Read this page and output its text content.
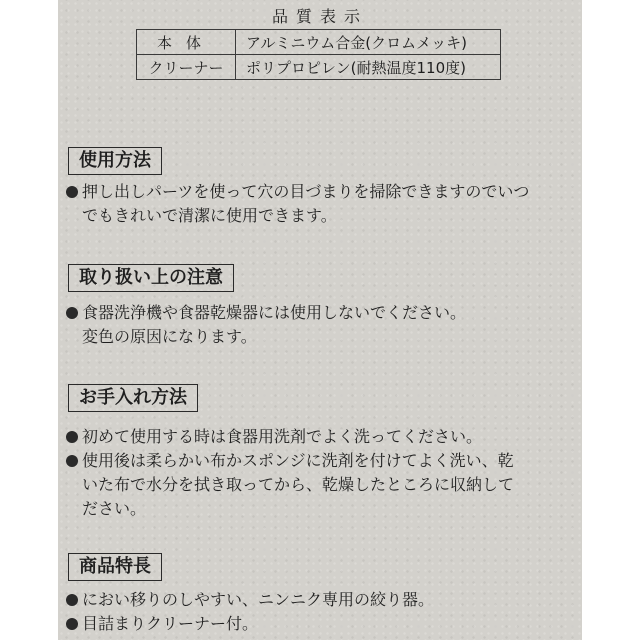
品質表示
本体	アルミニウム合金(クロムメッキ)
クリーナー	ポリプロピレン(耐熱温度110度)
使用方法
押し出しパーツを使って穴の目づまりを掃除できますのでいつ
でもきれいで清潔に使用できます。
取り扱い上の注意
食器洗浄機や食器乾燥器には使用しないでください。
変色の原因になります。
お手入れ方法
初めて使用する時は食器用洗剤でよく洗ってください。
使用後は柔らかい布かスポンジに洗剤を付けてよく洗い、乾
いた布で水分を拭き取ってから、乾燥したところに収納して
ださい。
商品特長
におい移りのしやすい、ニンニク専用の絞り器。
目詰まりクリーナー付。
